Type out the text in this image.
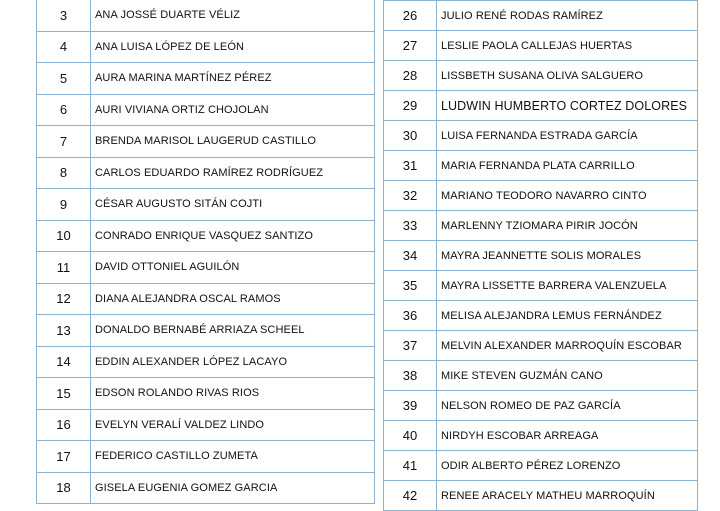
3	ANA JOSSÉ DUARTE VÉLIZ
4	ANA LUISA LÓPEZ DE LEÓN
5	AURA MARINA MARTÍNEZ PÉREZ
6	AURI VIVIANA ORTIZ CHOJOLAN
7	BRENDA MARISOL LAUGERUD CASTILLO
8	CARLOS EDUARDO RAMÍREZ RODRÍGUEZ
9	CÉSAR AUGUSTO SITÁN COJTI
10	CONRADO ENRIQUE VASQUEZ SANTIZO
11	DAVID OTTONIEL AGUILÓN
12	DIANA ALEJANDRA OSCAL RAMOS
13	DONALDO BERNABÉ ARRIAZA SCHEEL
14	EDDIN ALEXANDER LÓPEZ LACAYO
15	EDSON ROLANDO RIVAS RIOS
16	EVELYN VERALÍ VALDEZ LINDO
17	FEDERICO CASTILLO ZUMETA
18	GISELA EUGENIA GOMEZ GARCIA
26	JULIO RENÉ RODAS RAMÍREZ
27	LESLIE PAOLA CALLEJAS HUERTAS
28	LISSBETH SUSANA OLIVA SALGUERO
29	LUDWIN HUMBERTO CORTEZ DOLORES
30	LUISA FERNANDA ESTRADA GARCÍA
31	MARIA FERNANDA PLATA CARRILLO
32	MARIANO TEODORO NAVARRO CINTO
33	MARLENNY TZIOMARA PIRIR JOCÓN
34	MAYRA JEANNETTE SOLIS MORALES
35	MAYRA LISSETTE BARRERA VALENZUELA
36	MELISA ALEJANDRA LEMUS FERNÁNDEZ
37	MELVIN ALEXANDER MARROQUÍN ESCOBAR
38	MIKE STEVEN GUZMÁN CANO
39	NELSON ROMEO DE PAZ GARCÍA
40	NIRDYH ESCOBAR ARREAGA
41	ODIR ALBERTO PÉREZ LORENZO
42	RENEE ARACELY MATHEU MARROQUÍN
